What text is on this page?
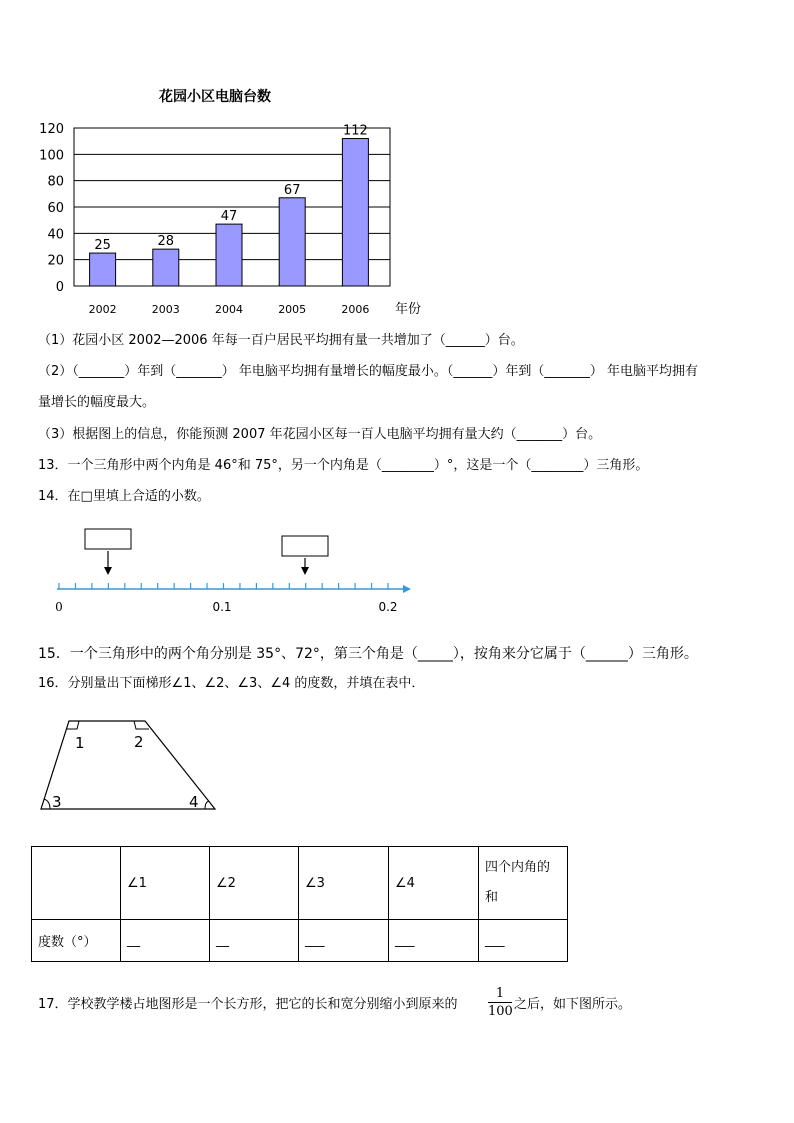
花园小区电脑台数
25	28
47
67
112
0
20
40
60
80
100
120
2002	2003	2004	2005	2006 年份
（1）花园小区 2002—2006 年每一百户居民平均拥有量一共增加了（______）台。
（2）（_______）年到（_______） 年电脑平均拥有量增长的幅度最小。（______）年到（_______） 年电脑平均拥有
量增长的幅度最大。
（3）根据图上的信息，你能预测 2007 年花园小区每一百人电脑平均拥有量大约（_______）台。
13．一个三角形中两个内角是 46°和 75°，另一个内角是（________）°，这是一个（________）三角形。
14．在□里填上合适的小数。
0	0.1	0.2
15．一个三角形中的两个角分别是 35°、72°，第三个角是（_____），按角来分它属于（______）三角形。
16．分别量出下面梯形∠1、∠2、∠3、∠4 的度数，并填在表中．
1	2
3	4
	∠1	∠2	∠3	∠4	四个内角的和
度数（°）	__	__	___	___	___
17．学校教学楼占地图形是一个长方形，把它的长和宽分别缩小到原来的 $\frac{1}{100}$ 之后，如下图所示。
